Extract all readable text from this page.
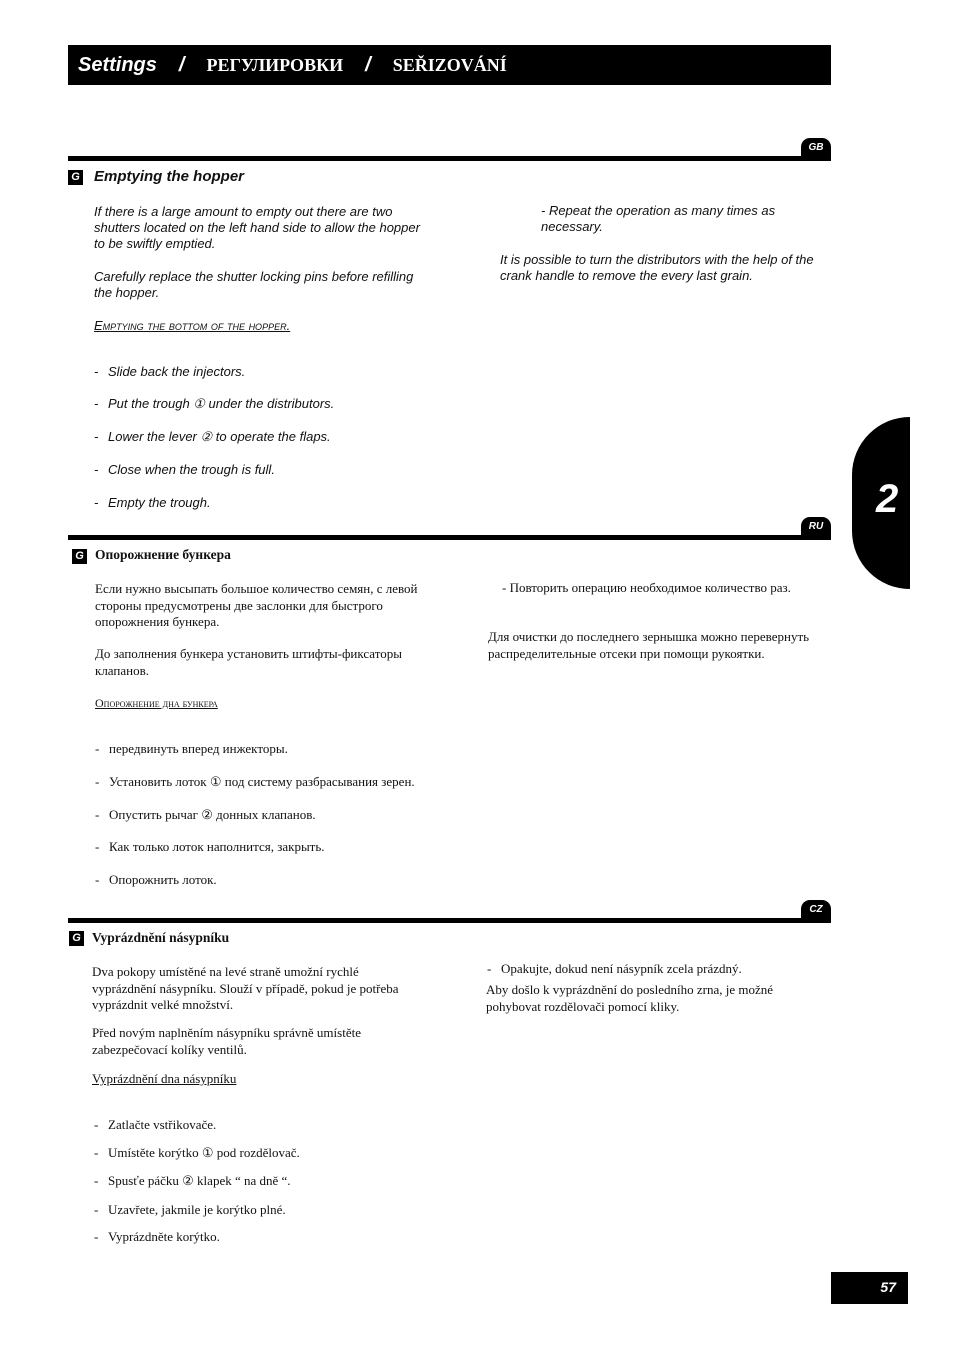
Settings / РЕГУЛИРОВКИ / SEŘIZOVÁNÍ
GB
G Emptying the hopper

If there is a large amount to empty out there are two shutters located on the left hand side to allow the hopper to be swiftly emptied.

Carefully replace the shutter locking pins before refilling the hopper.

Emptying the bottom of the hopper.

- Slide back the injectors.

- Put the trough ① under the distributors.

- Lower the lever ② to operate the flaps.

- Close when the trough is full.

- Empty the trough.

- Repeat the operation as many times as necessary.

It is possible to turn the distributors with the help of the crank handle to remove the every last grain.

2
RU
G Опорожнение бункера

Если нужно высыпать большое количество семян, с левой стороны предусмотрены две заслонки для быстрого опорожнения бункера.

До заполнения бункера установить штифты-фиксаторы клапанов.

Опорожнение дна бункера

- передвинуть вперед инжекторы.

- Установить лоток ① под систему разбрасывания зерен.

- Опустить рычаг ② донных клапанов.

- Как только лоток наполнится, закрыть.

- Опорожнить лоток.

- Повторить операцию необходимое количество раз.

Для очистки до последнего зернышка можно перевернуть распределительные отсеки при помощи рукоятки.

CZ
G Vyprázdnění násypníku

Dva pokopy umístěné na levé straně umožní rychlé vyprázdnění násypníku. Slouží v případě, pokud je potřeba vyprázdnit velké množství.

Před novým naplněním násypníku správně umístěte zabezpečovací kolíky ventilů.

Vyprázdnění dna násypníku

- Zatlačte vstřikovače.

- Umístěte korýtko ① pod rozdělovač.

- Spusťe páčku ② klapek “ na dně “.

- Uzavřete, jakmile je korýtko plné.

- Vyprázdněte korýtko.

- Opakujte, dokud není násypník zcela prázdný.

Aby došlo k vyprázdnění do posledního zrna, je možné pohybovat rozdělovači pomocí kliky.

57
